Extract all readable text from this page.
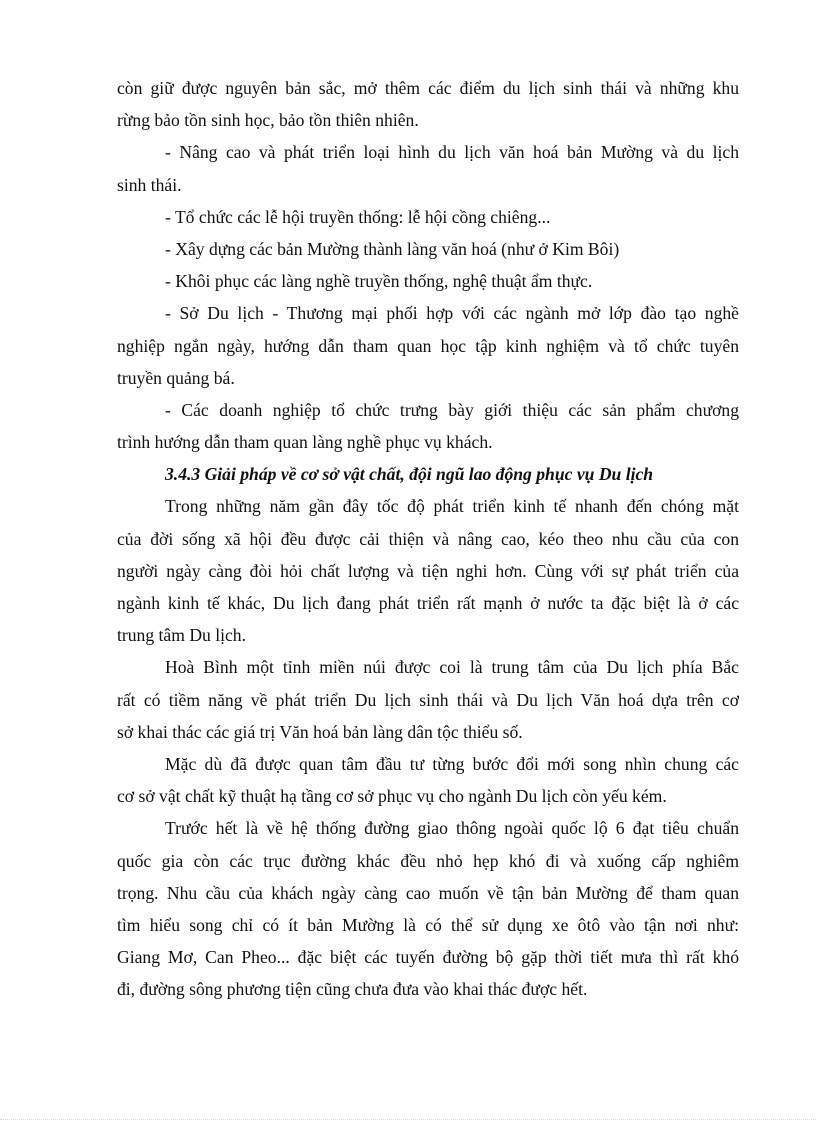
còn giữ được nguyên bản sắc, mở thêm các điểm du lịch sinh thái và những khu
rừng bảo tồn sinh học, bảo tồn thiên nhiên.
- Nâng cao và phát triển loại hình du lịch văn hoá bản Mường và du lịch
sinh thái.
- Tổ chức các lễ hội truyền thống: lễ hội cồng chiêng...
- Xây dựng các bản Mường thành làng văn hoá (như ở Kim Bôi)
- Khôi phục các làng nghề truyền thống, nghệ thuật ẩm thực.
- Sở Du lịch - Thương mại phối hợp với các ngành mở lớp đào tạo nghề
nghiệp ngắn ngày, hướng dẫn tham quan học tập kinh nghiệm và tổ chức tuyên
truyền quảng bá.
- Các doanh nghiệp tổ chức trưng bày giới thiệu các sản phẩm chương
trình hướng dẫn tham quan làng nghề phục vụ khách.
3.4.3 Giải pháp về cơ sở vật chất, đội ngũ lao động phục vụ Du lịch
Trong những năm gần đây tốc độ phát triển kinh tế nhanh đến chóng mặt
của đời sống xã hội đều được cải thiện và nâng cao, kéo theo nhu cầu của con
người ngày càng đòi hỏi chất lượng và tiện nghi hơn. Cùng với sự phát triển của
ngành kinh tế khác, Du lịch đang phát triển rất mạnh ở nước ta đặc biệt là ở các
trung tâm Du lịch.
Hoà Bình một tỉnh miền núi được coi là trung tâm của Du lịch phía Bắc
rất có tiềm năng về phát triển Du lịch sinh thái và Du lịch Văn hoá dựa trên cơ
sở khai thác các giá trị Văn hoá bản làng dân tộc thiểu số.
Mặc dù đã được quan tâm đầu tư từng bước đổi mới song nhìn chung các
cơ sở vật chất kỹ thuật hạ tầng cơ sở phục vụ cho ngành Du lịch còn yếu kém.
Trước hết là về hệ thống đường giao thông ngoài quốc lộ 6 đạt tiêu chuẩn
quốc gia còn các trục đường khác đều nhỏ hẹp khó đi và xuống cấp nghiêm
trọng. Nhu cầu của khách ngày càng cao muốn về tận bản Mường để tham quan
tìm hiểu song chỉ có ít bản Mường là có thể sử dụng xe ôtô vào tận nơi như:
Giang Mơ, Can Pheo... đặc biệt các tuyến đường bộ gặp thời tiết mưa thì rất khó
đi, đường sông phương tiện cũng chưa đưa vào khai thác được hết.
